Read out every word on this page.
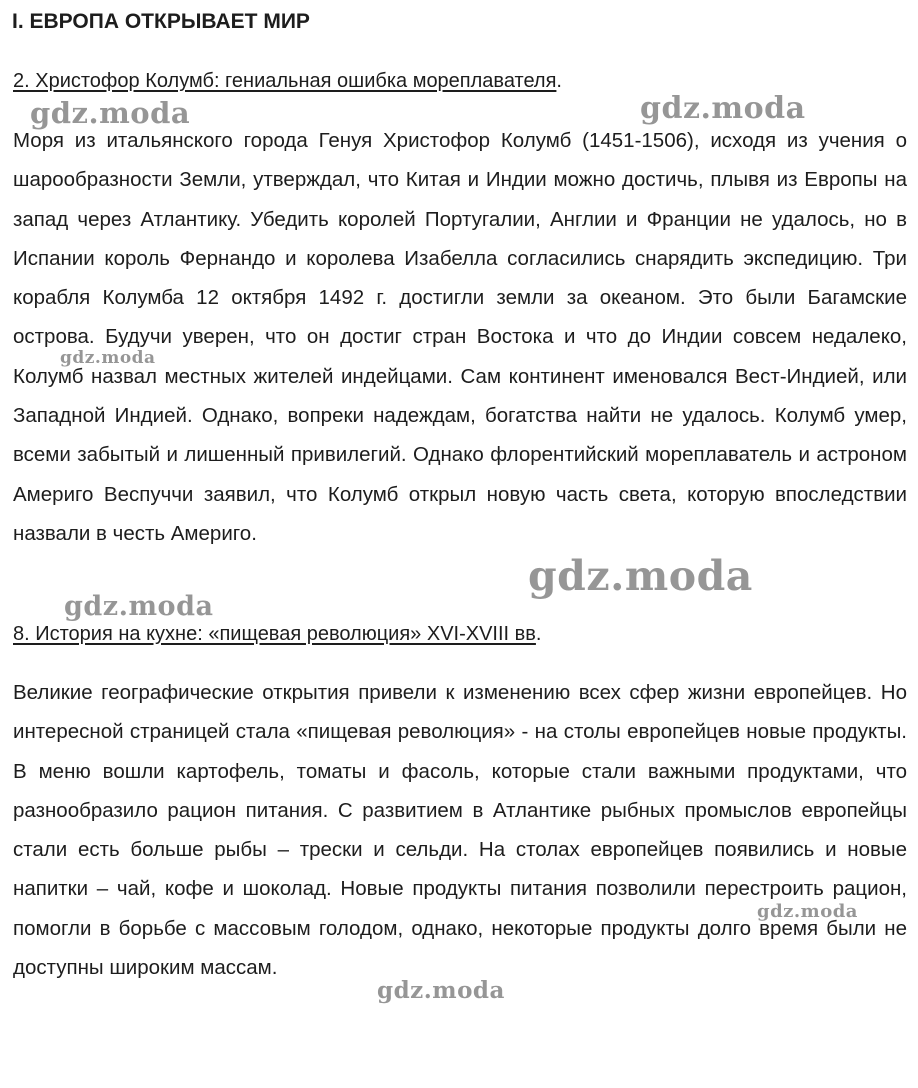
I. ЕВРОПА ОТКРЫВАЕТ МИР
2. Христофор Колумб: гениальная ошибка мореплавателя.

Моря из итальянского города Генуя Христофор Колумб (1451-1506), исходя из учения о шарообразности Земли, утверждал, что Китая и Индии можно достичь, плывя из Европы на запад через Атлантику. Убедить королей Португалии, Англии и Франции не удалось, но в Испании король Фернандо и королева Изабелла согласились снарядить экспедицию. Три корабля Колумба 12 октября 1492 г. достигли земли за океаном. Это были Багамские острова. Будучи уверен, что он достиг стран Востока и что до Индии совсем недалеко, Колумб назвал местных жителей индейцами. Сам континент именовался Вест-Индией, или Западной Индией. Однако, вопреки надеждам, богатства найти не удалось. Колумб умер, всеми забытый и лишенный привилегий. Однако флорентийский мореплаватель и астроном Америго Веспуччи заявил, что Колумб открыл новую часть света, которую впоследствии назвали в честь Америго.

8. История на кухне: «пищевая революция» XVI-XVIII вв.

Великие географические открытия привели к изменению всех сфер жизни европейцев. Но интересной страницей стала «пищевая революция» - на столы европейцев новые продукты. В меню вошли картофель, томаты и фасоль, которые стали важными продуктами, что разнообразило рацион питания. С развитием в Атлантике рыбных промыслов европейцы стали есть больше рыбы – трески и сельди. На столах европейцев появились и новые напитки – чай, кофе и шоколад. Новые продукты питания позволили перестроить рацион, помогли в борьбе с массовым голодом, однако, некоторые продукты долго время были не доступны широким массам.

gdz.moda	gdz.moda
gdz.moda
gdz.moda
gdz.moda
gdz.moda
gdz.moda
